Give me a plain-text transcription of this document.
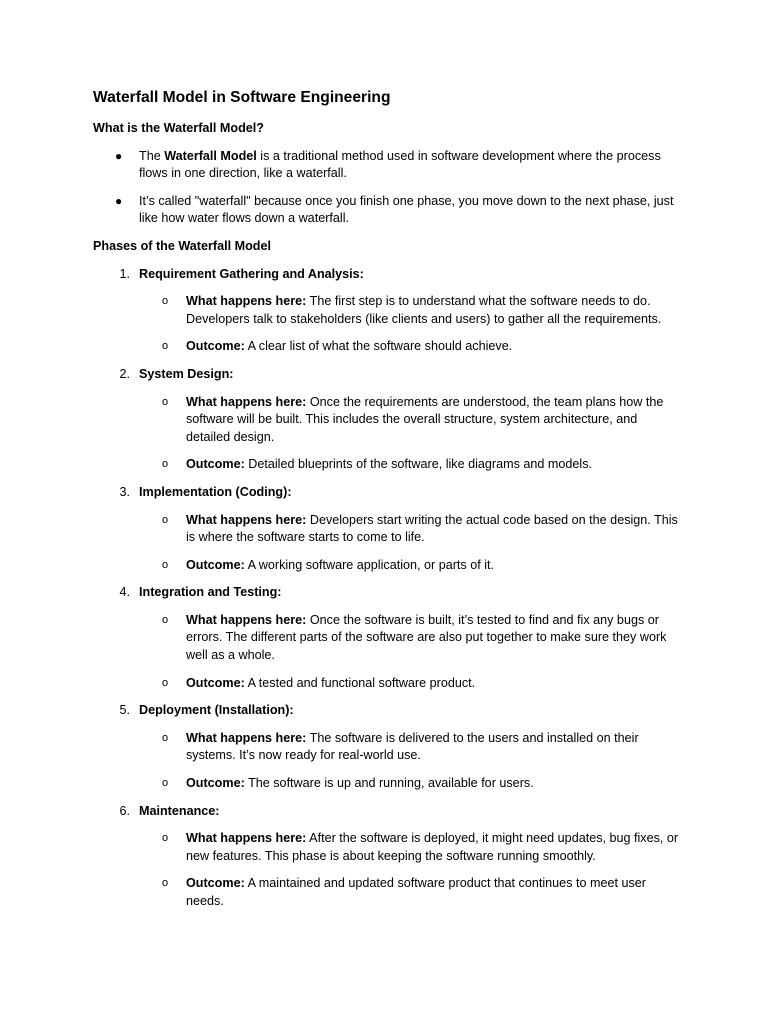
Waterfall Model in Software Engineering
What is the Waterfall Model?
● The Waterfall Model is a traditional method used in software development where the process flows in one direction, like a waterfall.
● It’s called "waterfall" because once you finish one phase, you move down to the next phase, just like how water flows down a waterfall.
Phases of the Waterfall Model
1. Requirement Gathering and Analysis:
o What happens here: The first step is to understand what the software needs to do. Developers talk to stakeholders (like clients and users) to gather all the requirements.
o Outcome: A clear list of what the software should achieve.
2. System Design:
o What happens here: Once the requirements are understood, the team plans how the software will be built. This includes the overall structure, system architecture, and detailed design.
o Outcome: Detailed blueprints of the software, like diagrams and models.
3. Implementation (Coding):
o What happens here: Developers start writing the actual code based on the design. This is where the software starts to come to life.
o Outcome: A working software application, or parts of it.
4. Integration and Testing:
o What happens here: Once the software is built, it’s tested to find and fix any bugs or errors. The different parts of the software are also put together to make sure they work well as a whole.
o Outcome: A tested and functional software product.
5. Deployment (Installation):
o What happens here: The software is delivered to the users and installed on their systems. It’s now ready for real-world use.
o Outcome: The software is up and running, available for users.
6. Maintenance:
o What happens here: After the software is deployed, it might need updates, bug fixes, or new features. This phase is about keeping the software running smoothly.
o Outcome: A maintained and updated software product that continues to meet user needs.
